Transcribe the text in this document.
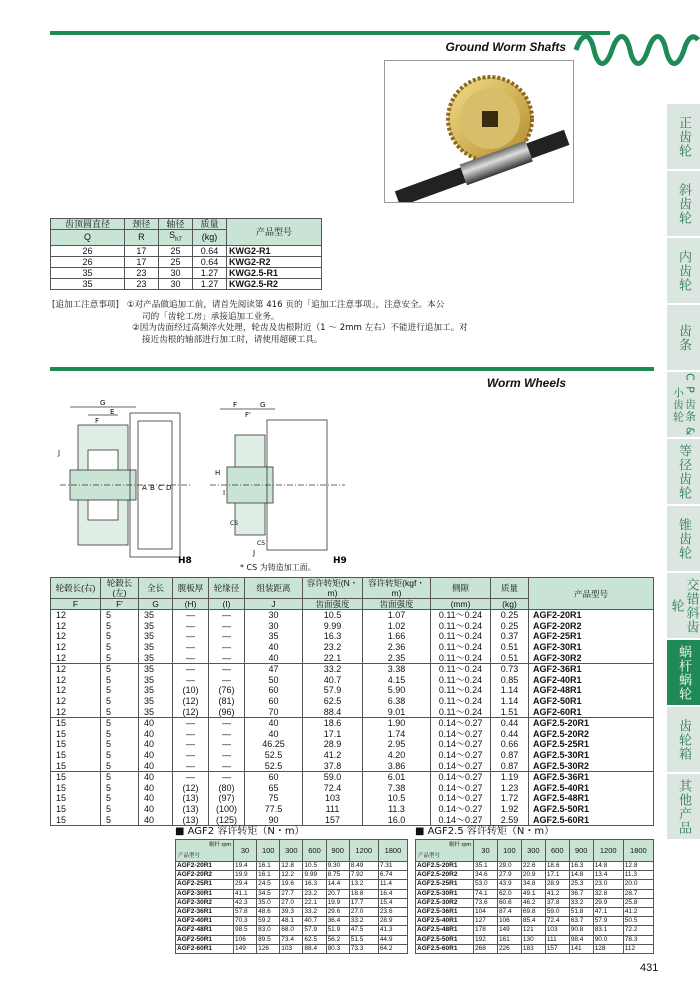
Ground Worm Shafts
正齿轮
斜齿轮
内齿轮
齿条
C P 齿条 & 小齿轮
等径齿轮
锥齿轮
交错斜齿轮
蜗杆蜗轮
齿轮箱
其他产品
齿顶圆直径	颈径	轴径	质量	产品型号
Q	R	$S_{h7}$	(kg)	
26	17	25	0.64	KWG2-R1
26	17	25	0.64	KWG2-R2
35	23	30	1.27	KWG2.5-R1
35	23	30	1.27	KWG2.5-R2
[追加工注意事项] ①对产品做追加工前，请首先阅读第 416 页的「追加工注意事项」，注意安全。本公
司的「齿轮工房」承接追加工业务。
②因为齿面经过高频淬火处理，轮齿及齿根附近（1 ～ 2mm 左右）不能进行追加工。对
接近齿根的轴部进行加工时，请使用超硬工具。
Worm Wheels
G
E
F
J
A B C D
H8
F
F'
G
H
I
CS
CS
J
H9
* CS 为铸造加工面。
轮毂长(右)	轮毂长(左)	全长	腹板厚	轮缘径	组装距离	容许转矩(N・m)	容许转矩(kgf・m)	侧隙	质量	产品型号
F	F'	G	(H)	(I)	J	齿面强度	齿面强度	(mm)	(kg)	
12	5	35	—	—	30	10.5	1.07	0.11～0.24	0.25	AGF2-20R1
12	5	35	—	—	30	9.99	1.02	0.11～0.24	0.25	AGF2-20R2
12	5	35	—	—	35	16.3	1.66	0.11～0.24	0.37	AGF2-25R1
12	5	35	—	—	40	23.2	2.36	0.11～0.24	0.51	AGF2-30R1
12	5	35	—	—	40	22.1	2.35	0.11～0.24	0.51	AGF2-30R2
12	5	35	—	—	47	33.2	3.38	0.11～0.24	0.73	AGF2-36R1
12	5	35	—	—	50	40.7	4.15	0.11～0.24	0.85	AGF2-40R1
12	5	35	(10)	(76)	60	57.9	5.90	0.11～0.24	1.14	AGF2-48R1
12	5	35	(12)	(81)	60	62.5	6.38	0.11～0.24	1.14	AGF2-50R1
12	5	35	(12)	(96)	70	88.4	9.01	0.11～0.24	1.51	AGF2-60R1
15	5	40	—	—	40	18.6	1.90	0.14～0.27	0.44	AGF2.5-20R1
15	5	40	—	—	40	17.1	1.74	0.14～0.27	0.44	AGF2.5-20R2
15	5	40	—	—	46.25	28.9	2.95	0.14～0.27	0.66	AGF2.5-25R1
15	5	40	—	—	52.5	41.2	4.20	0.14～0.27	0.87	AGF2.5-30R1
15	5	40	—	—	52.5	37.8	3.86	0.14～0.27	0.87	AGF2.5-30R2
15	5	40	—	—	60	59.0	6.01	0.14～0.27	1.19	AGF2.5-36R1
15	5	40	(12)	(80)	65	72.4	7.38	0.14～0.27	1.23	AGF2.5-40R1
15	5	40	(13)	(97)	75	103	10.5	0.14～0.27	1.72	AGF2.5-48R1
15	5	40	(13)	(100)	77.5	111	11.3	0.14～0.27	1.92	AGF2.5-50R1
15	5	40	(13)	(125)	90	157	16.0	0.14～0.27	2.59	AGF2.5-60R1
■ AGF2 容许转矩（N・m）	■ AGF2.5 容许转矩（N・m）
蜗杆 rpm
产品型号	30	100	300	600	900	1200	1800
AGF2-20R1	19.4	16.1	12.8	10.5	9.30	8.49	7.31
AGF2-20R2	19.9	16.1	12.2	9.99	8.75	7.92	6.74
AGF2-25R1	29.4	24.5	19.6	16.3	14.4	13.2	11.4
AGF2-30R1	41.1	34.5	27.7	23.2	20.7	18.8	16.4
AGF2-30R2	42.3	35.0	27.0	22.1	19.9	17.7	15.4
AGF2-36R1	57.8	48.6	39.3	33.2	29.6	27.0	23.6
AGF2-40R1	70.3	59.2	48.1	40.7	36.4	33.2	28.9
AGF2-48R1	98.5	83.0	68.0	57.9	51.9	47.5	41.3
AGF2-50R1	106	89.5	73.4	62.5	56.2	51.5	44.9
AGF2-60R1	149	126	103	88.4	80.3	73.3	64.2
蜗杆 rpm
产品型号	30	100	300	600	900	1200	1800
AGF2.5-20R1	35.1	29.0	22.6	18.6	16.3	14.8	12.8
AGF2.5-20R2	34.6	27.9	20.9	17.1	14.8	13.4	11.3
AGF2.5-25R1	53.0	43.9	34.8	28.9	25.3	23.0	20.0
AGF2.5-30R1	74.1	62.0	49.1	41.2	36.7	32.8	28.7
AGF2.5-30R2	73.6	60.6	46.2	37.8	33.2	29.9	25.8
AGF2.5-36R1	104	87.4	69.8	59.0	51.8	47.1	41.2
AGF2.5-40R1	127	106	85.4	72.4	63.7	57.9	50.5
AGF2.5-48R1	178	149	121	103	90.8	83.1	72.2
AGF2.5-50R1	192	161	130	111	98.4	90.0	78.3
AGF2.5-60R1	268	226	183	157	141	128	112
431
